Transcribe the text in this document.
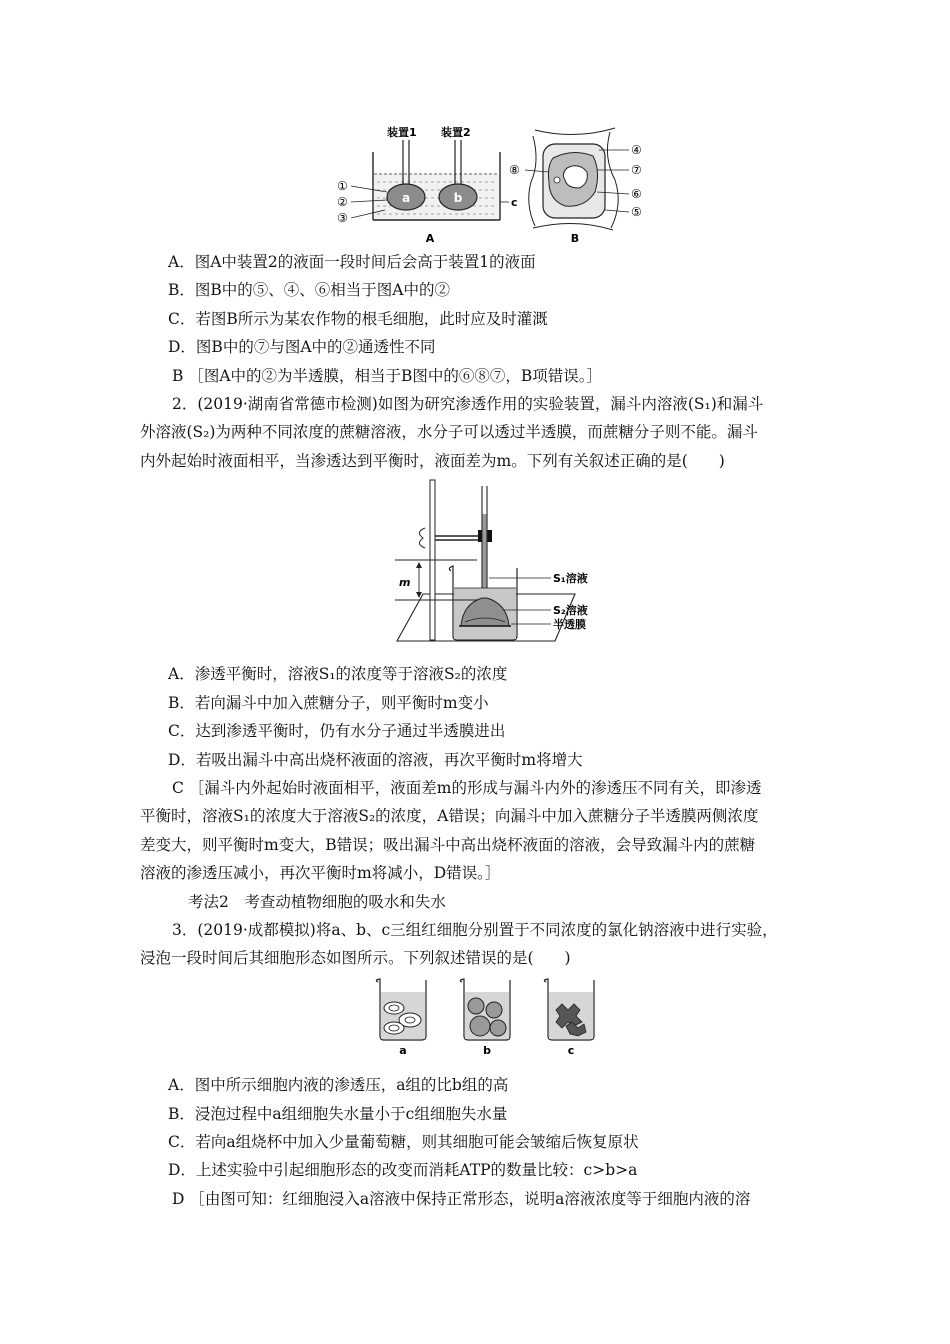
a	b
装置1 装置2
①
②
③
c
A
⑧
④
⑦
⑥
⑤
B
A．图A中装置2的液面一段时间后会高于装置1的液面
B．图B中的⑤、④、⑥相当于图A中的②
C．若图B所示为某农作物的根毛细胞，此时应及时灌溉
D．图B中的⑦与图A中的②通透性不同
B ［图A中的②为半透膜，相当于B图中的⑥⑧⑦，B项错误。］
2．(2019·湖南省常德市检测)如图为研究渗透作用的实验装置，漏斗内溶液(S₁)和漏斗
外溶液(S₂)为两种不同浓度的蔗糖溶液，水分子可以透过半透膜，而蔗糖分子则不能。漏斗
内外起始时液面相平，当渗透达到平衡时，液面差为m。下列有关叙述正确的是(　　)
m	S₁溶液
S₂溶液
半透膜
A．渗透平衡时，溶液S₁的浓度等于溶液S₂的浓度
B．若向漏斗中加入蔗糖分子，则平衡时m变小
C．达到渗透平衡时，仍有水分子通过半透膜进出
D．若吸出漏斗中高出烧杯液面的溶液，再次平衡时m将增大
C ［漏斗内外起始时液面相平，液面差m的形成与漏斗内外的渗透压不同有关，即渗透
平衡时，溶液S₁的浓度大于溶液S₂的浓度，A错误；向漏斗中加入蔗糖分子半透膜两侧浓度
差变大，则平衡时m变大，B错误；吸出漏斗中高出烧杯液面的溶液，会导致漏斗内的蔗糖
溶液的渗透压减小，再次平衡时m将减小，D错误。］
考法2　考查动植物细胞的吸水和失水
3．(2019·成都模拟)将a、b、c三组红细胞分别置于不同浓度的氯化钠溶液中进行实验，
浸泡一段时间后其细胞形态如图所示。下列叙述错误的是(　　)
a	b	c
A．图中所示细胞内液的渗透压，a组的比b组的高
B．浸泡过程中a组细胞失水量小于c组细胞失水量
C．若向a组烧杯中加入少量葡萄糖，则其细胞可能会皱缩后恢复原状
D．上述实验中引起细胞形态的改变而消耗ATP的数量比较：c>b>a
D ［由图可知：红细胞浸入a溶液中保持正常形态，说明a溶液浓度等于细胞内液的溶
